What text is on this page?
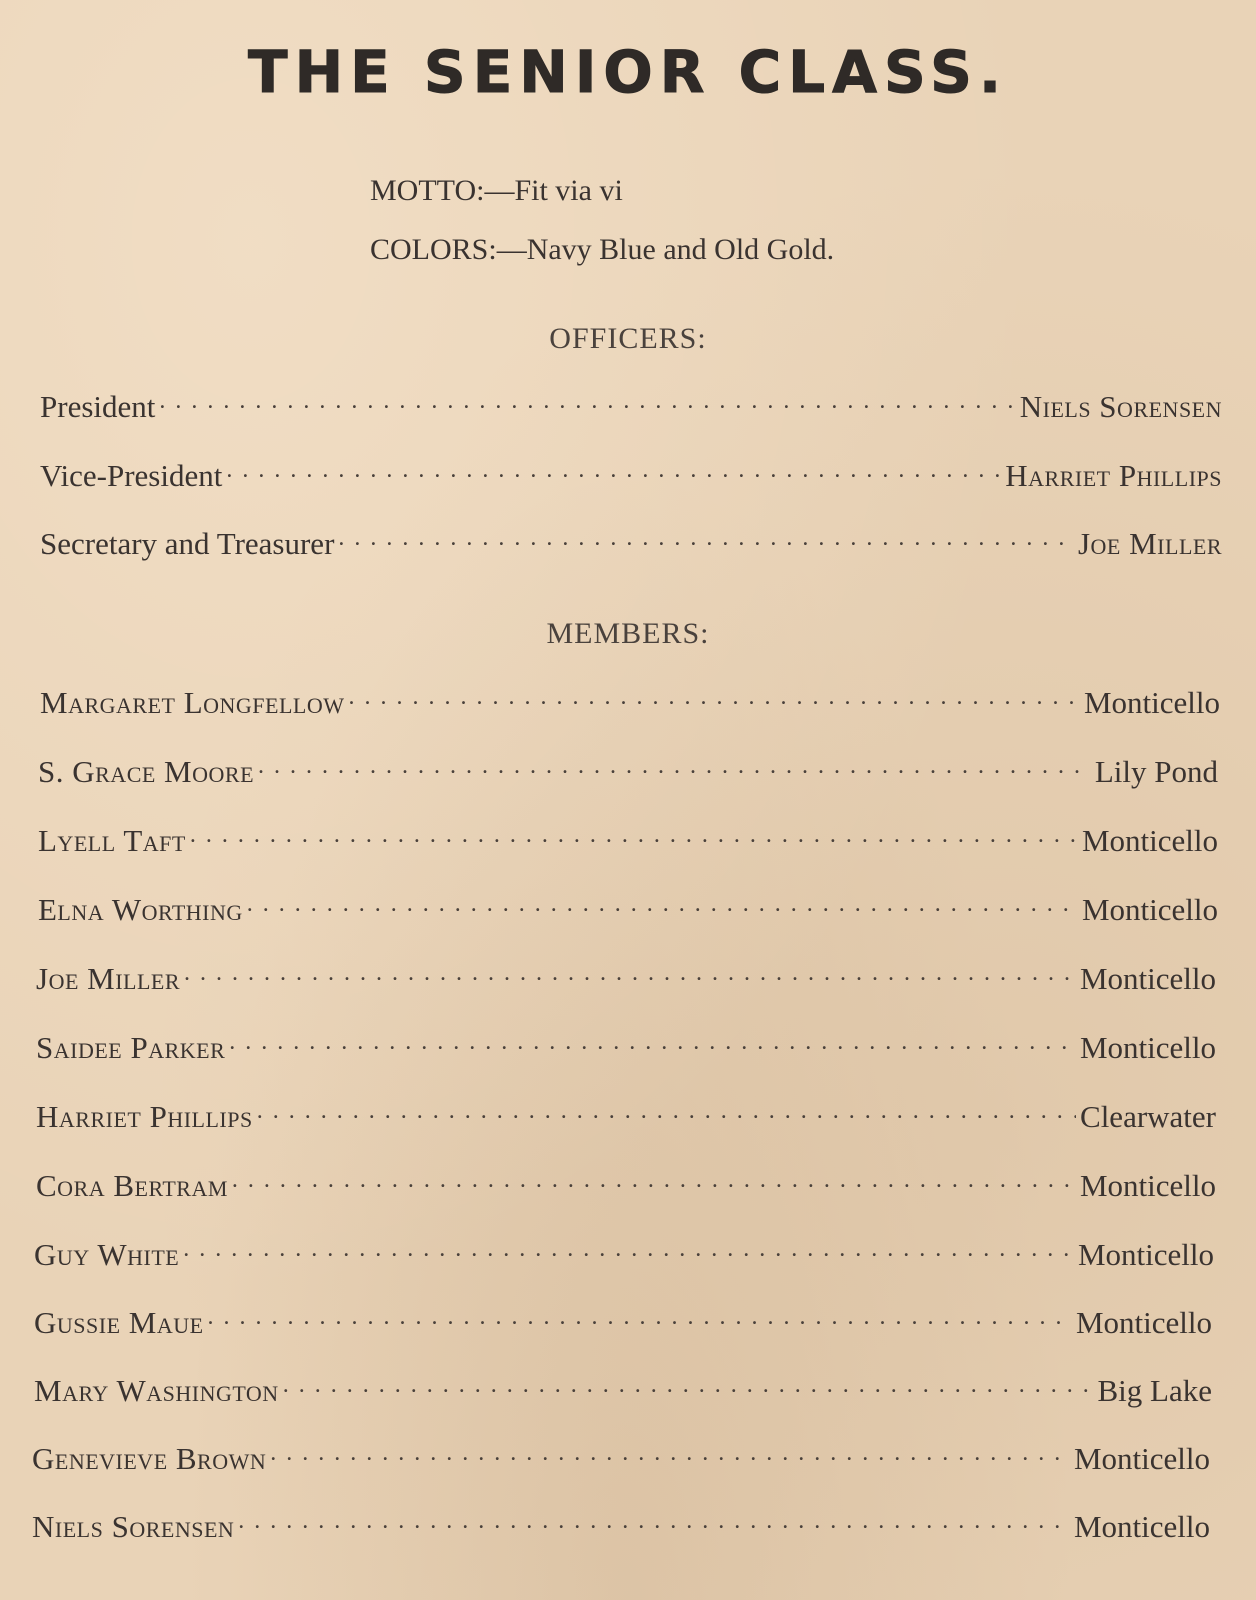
THE SENIOR CLASS.
MOTTO:—Fit via vi
COLORS:—Navy Blue and Old Gold.
OFFICERS:
President . . .	Niels Sorensen
Vice-President . . .	Harriet Phillips
Secretary and Treasurer . . .	Joe Miller
MEMBERS:
Margaret Longfellow . . .	Monticello
S. Grace Moore . . .	Lily Pond
Lyell Taft . . .	Monticello
Elna Worthing . . .	Monticello
Joe Miller . . .	Monticello
Saidee Parker . . .	Monticello
Harriet Phillips . . .	Clearwater
Cora Bertram . . .	Monticello
Guy White . . .	Monticello
Gussie Maue . . .	Monticello
Mary Washington . . .	Big Lake
Genevieve Brown . . .	Monticello
Niels Sorensen . . .	Monticello
